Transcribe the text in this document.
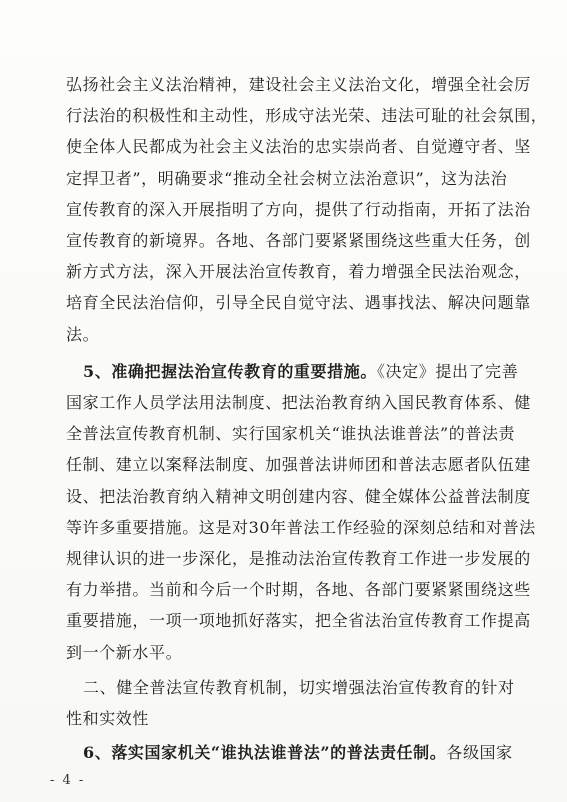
弘扬社会主义法治精神，建设社会主义法治文化，增强全社会厉
行法治的积极性和主动性，形成守法光荣、违法可耻的社会氛围，
使全体人民都成为社会主义法治的忠实崇尚者、自觉遵守者、坚
定捍卫者”，明确要求“推动全社会树立法治意识”，这为法治
宣传教育的深入开展指明了方向，提供了行动指南，开拓了法治
宣传教育的新境界。各地、各部门要紧紧围绕这些重大任务，创
新方式方法，深入开展法治宣传教育，着力增强全民法治观念，
培育全民法治信仰，引导全民自觉守法、遇事找法、解决问题靠
法。
5、准确把握法治宣传教育的重要措施。《决定》提出了完善
国家工作人员学法用法制度、把法治教育纳入国民教育体系、健
全普法宣传教育机制、实行国家机关“谁执法谁普法”的普法责
任制、建立以案释法制度、加强普法讲师团和普法志愿者队伍建
设、把法治教育纳入精神文明创建内容、健全媒体公益普法制度
等许多重要措施。这是对30年普法工作经验的深刻总结和对普法
规律认识的进一步深化，是推动法治宣传教育工作进一步发展的
有力举措。当前和今后一个时期，各地、各部门要紧紧围绕这些
重要措施，一项一项地抓好落实，把全省法治宣传教育工作提高
到一个新水平。
二、健全普法宣传教育机制，切实增强法治宣传教育的针对
性和实效性
6、落实国家机关“谁执法谁普法”的普法责任制。各级国家
- 4 -
